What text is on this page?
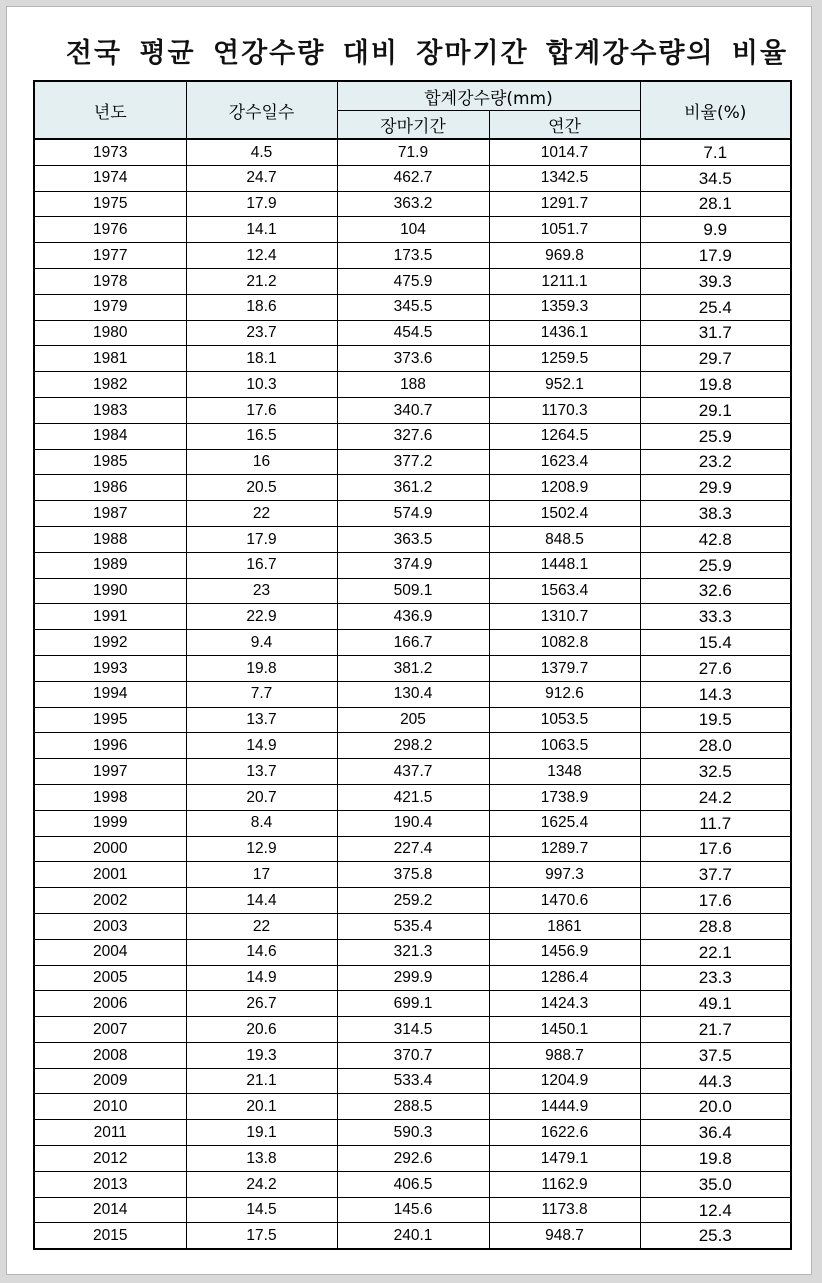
전국 평균 연강수량 대비 장마기간 합계강수량의 비율
년도	강수일수	합계강수량(mm)		비율(%)
		장마기간	연간	
1973	4.5	71.9	1014.7	7.1
1974	24.7	462.7	1342.5	34.5
1975	17.9	363.2	1291.7	28.1
1976	14.1	104	1051.7	9.9
1977	12.4	173.5	969.8	17.9
1978	21.2	475.9	1211.1	39.3
1979	18.6	345.5	1359.3	25.4
1980	23.7	454.5	1436.1	31.7
1981	18.1	373.6	1259.5	29.7
1982	10.3	188	952.1	19.8
1983	17.6	340.7	1170.3	29.1
1984	16.5	327.6	1264.5	25.9
1985	16	377.2	1623.4	23.2
1986	20.5	361.2	1208.9	29.9
1987	22	574.9	1502.4	38.3
1988	17.9	363.5	848.5	42.8
1989	16.7	374.9	1448.1	25.9
1990	23	509.1	1563.4	32.6
1991	22.9	436.9	1310.7	33.3
1992	9.4	166.7	1082.8	15.4
1993	19.8	381.2	1379.7	27.6
1994	7.7	130.4	912.6	14.3
1995	13.7	205	1053.5	19.5
1996	14.9	298.2	1063.5	28.0
1997	13.7	437.7	1348	32.5
1998	20.7	421.5	1738.9	24.2
1999	8.4	190.4	1625.4	11.7
2000	12.9	227.4	1289.7	17.6
2001	17	375.8	997.3	37.7
2002	14.4	259.2	1470.6	17.6
2003	22	535.4	1861	28.8
2004	14.6	321.3	1456.9	22.1
2005	14.9	299.9	1286.4	23.3
2006	26.7	699.1	1424.3	49.1
2007	20.6	314.5	1450.1	21.7
2008	19.3	370.7	988.7	37.5
2009	21.1	533.4	1204.9	44.3
2010	20.1	288.5	1444.9	20.0
2011	19.1	590.3	1622.6	36.4
2012	13.8	292.6	1479.1	19.8
2013	24.2	406.5	1162.9	35.0
2014	14.5	145.6	1173.8	12.4
2015	17.5	240.1	948.7	25.3
